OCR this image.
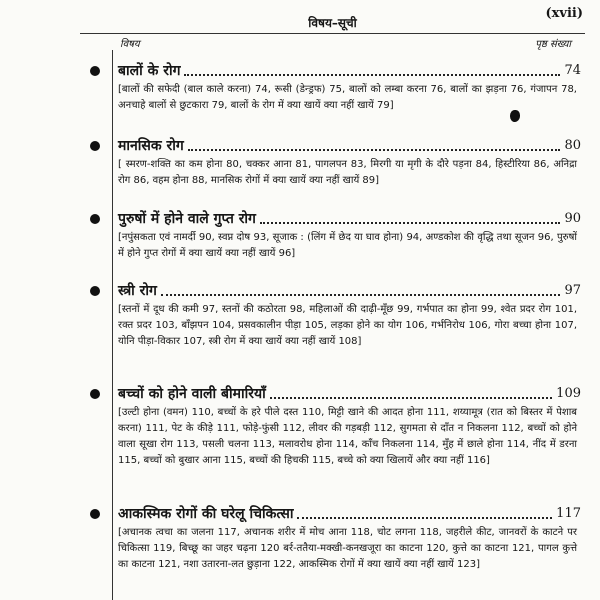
विषय–सूची
(xvii)
विषय	पृष्ठ संख्या
बालों के रोग	74
[बालों की सफेदी (बाल काले करना) 74, रूसी (डेन्ड्रफ) 75, बालों को लम्बा करना 76, बालों का झड़ना 76, गंजापन 78, अनचाहे बालों से छुटकारा 79, बालों के रोग में क्या खायें क्या नहीं खायें 79]
मानसिक रोग	80
[ स्मरण-शक्ति का कम होना 80, चक्कर आना 81, पागलपन 83, मिरगी या मृगी के दौरे पड़ना 84, हिस्टीरिया 86, अनिद्रा रोग 86, वहम होना 88, मानसिक रोगों में क्या खायें क्या नहीं खायें 89]
पुरुषों में होने वाले गुप्त रोग	90
[नपुंसकता एवं नामर्दी 90, स्वप्न दोष 93, सूजाक : (लिंग में छेद या घाव होना) 94, अण्डकोश की वृद्धि तथा सूजन 96, पुरुषों में होने गुप्त रोगों में क्या खायें क्या नहीं खायें 96]
स्त्री रोग	97
[स्तनों में दूध की कमी 97, स्तनों की कठोरता 98, महिलाओं की दाढ़ी-मूँछ 99, गर्भपात का होना 99, श्वेत प्रदर रोग 101, रक्त प्रदर 103, बाँझपन 104, प्रसवकालीन पीड़ा 105, लड़का होने का योग 106, गर्भनिरोध 106, गोरा बच्चा होना 107, योनि पीड़ा-विकार 107, स्त्री रोग में क्या खायें क्या नहीं खायें 108]
बच्चों को होने वाली बीमारियाँ	109
[उल्टी होना (वमन) 110, बच्चों के हरे पीले दस्त 110, मिट्टी खाने की आदत होना 111, शय्यामूत्र (रात को बिस्तर में पेशाब करना) 111, पेट के कीड़े 111, फोड़े-फुंसी 112, लीवर की गड़बड़ी 112, सुगमता से दाँत न निकलना 112, बच्चों को होने वाला सूखा रोग 113, पसली चलना 113, मलावरोध होना 114, काँच निकलना 114, मुँह में छाले होना 114, नींद में डरना 115, बच्चों को बुखार आना 115, बच्चों की हिचकी 115, बच्चे को क्या खिलायें और क्या नहीं 116]
आकस्मिक रोगों की घरेलू चिकित्सा	117
[अचानक त्वचा का जलना 117, अचानक शरीर में मोच आना 118, चोट लगना 118, जहरीले कीट, जानवरों के काटने पर चिकित्सा 119, बिच्छू का जहर चढ़ना 120 बर्र-ततैया-मक्खी-कनखजूरा का काटना 120, कुत्ते का काटना 121, पागल कुत्ते का काटना 121, नशा उतारना-लत छुड़ाना 122, आकस्मिक रोगों में क्या खायें क्या नहीं खायें 123]
